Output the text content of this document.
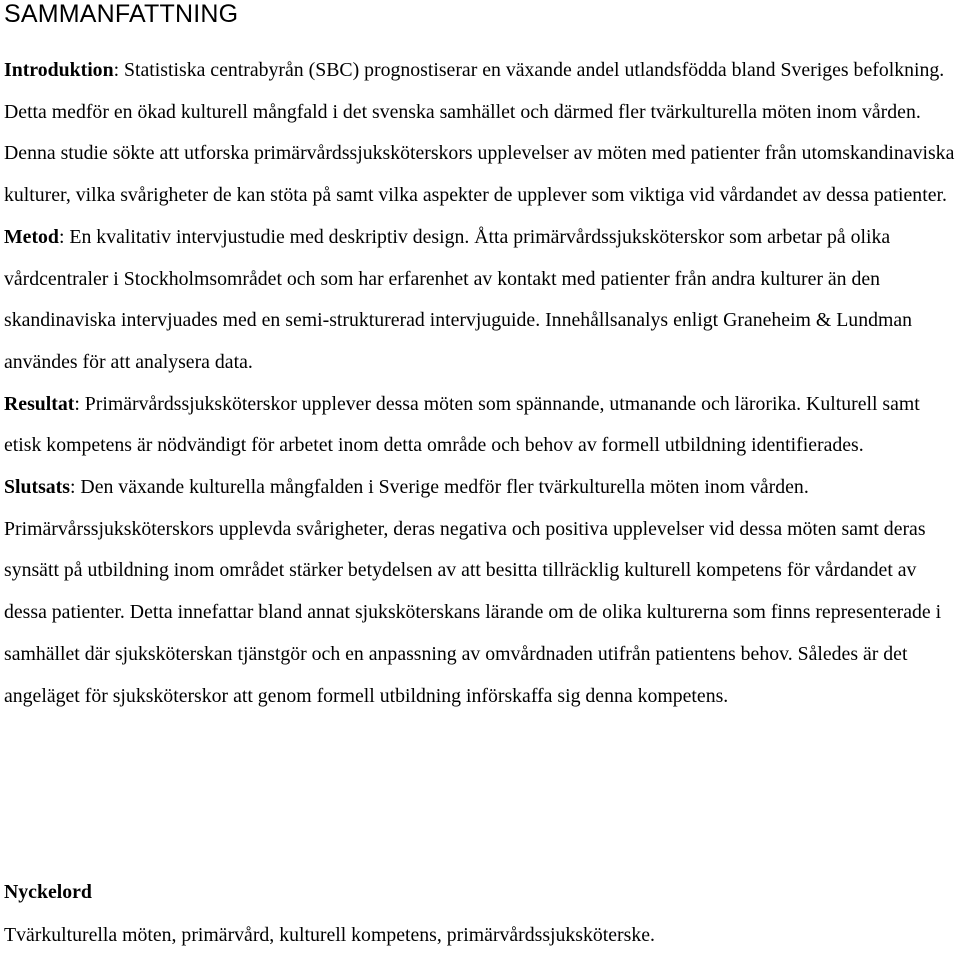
SAMMANFATTNING

Introduktion: Statistiska centrabyrån (SBC) prognostiserar en växande andel utlandsfödda bland Sveriges befolkning. Detta medför en ökad kulturell mångfald i det svenska samhället och därmed fler tvärkulturella möten inom vården. Denna studie sökte att utforska primärvårdssjuksköterskors upplevelser av möten med patienter från utomskandinaviska kulturer, vilka svårigheter de kan stöta på samt vilka aspekter de upplever som viktiga vid vårdandet av dessa patienter.

Metod: En kvalitativ intervjustudie med deskriptiv design. Åtta primärvårdssjuksköterskor som arbetar på olika vårdcentraler i Stockholmsområdet och som har erfarenhet av kontakt med patienter från andra kulturer än den skandinaviska intervjuades med en semi-strukturerad intervjuguide. Innehållsanalys enligt Graneheim & Lundman användes för att analysera data.

Resultat: Primärvårdssjuksköterskor upplever dessa möten som spännande, utmanande och lärorika. Kulturell samt etisk kompetens är nödvändigt för arbetet inom detta område och behov av formell utbildning identifierades.

Slutsats: Den växande kulturella mångfalden i Sverige medför fler tvärkulturella möten inom vården. Primärvårssjuksköterskors upplevda svårigheter, deras negativa och positiva upplevelser vid dessa möten samt deras synsätt på utbildning inom området stärker betydelsen av att besitta tillräcklig kulturell kompetens för vårdandet av dessa patienter. Detta innefattar bland annat sjuksköterskans lärande om de olika kulturerna som finns representerade i samhället där sjuksköterskan tjänstgör och en anpassning av omvårdnaden utifrån patientens behov. Således är det angeläget för sjuksköterskor att genom formell utbildning införskaffa sig denna kompetens.

Nyckelord
Tvärkulturella möten, primärvård, kulturell kompetens, primärvårdssjuksköterske.
